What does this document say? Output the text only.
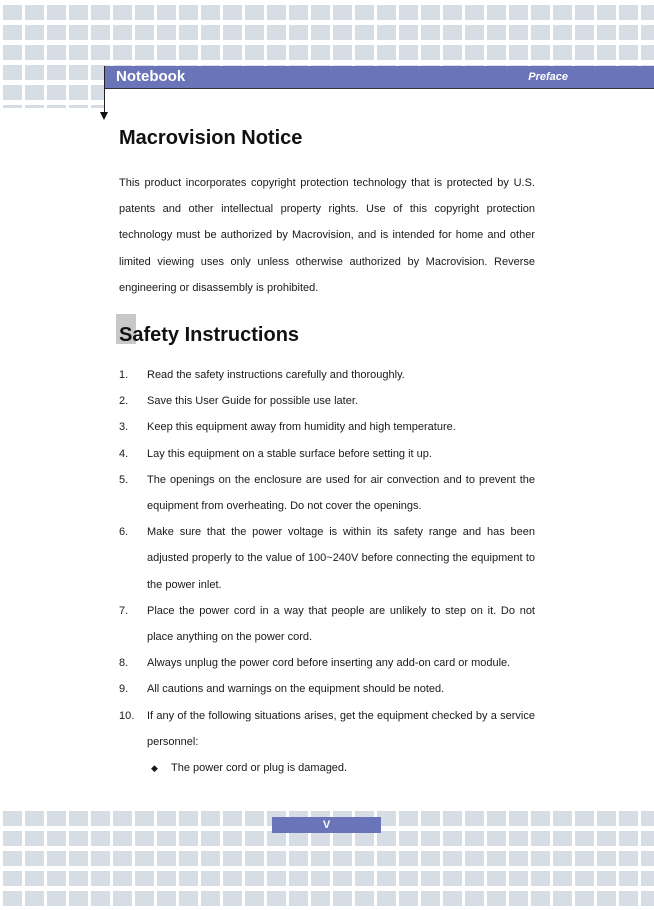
Notebook	Preface
Macrovision Notice
This product incorporates copyright protection technology that is protected by U.S. patents and other intellectual property rights. Use of this copyright protection technology must be authorized by Macrovision, and is intended for home and other limited viewing uses only unless otherwise authorized by Macrovision. Reverse engineering or disassembly is prohibited.
Safety Instructions
1.	Read the safety instructions carefully and thoroughly.
2.	Save this User Guide for possible use later.
3.	Keep this equipment away from humidity and high temperature.
4.	Lay this equipment on a stable surface before setting it up.
5.	The openings on the enclosure are used for air convection and to prevent the equipment from overheating. Do not cover the openings.
6.	Make sure that the power voltage is within its safety range and has been adjusted properly to the value of 100~240V before connecting the equipment to the power inlet.
7.	Place the power cord in a way that people are unlikely to step on it. Do not place anything on the power cord.
8.	Always unplug the power cord before inserting any add-on card or module.
9.	All cautions and warnings on the equipment should be noted.
10.	If any of the following situations arises, get the equipment checked by a service personnel:
◆	The power cord or plug is damaged.
V
